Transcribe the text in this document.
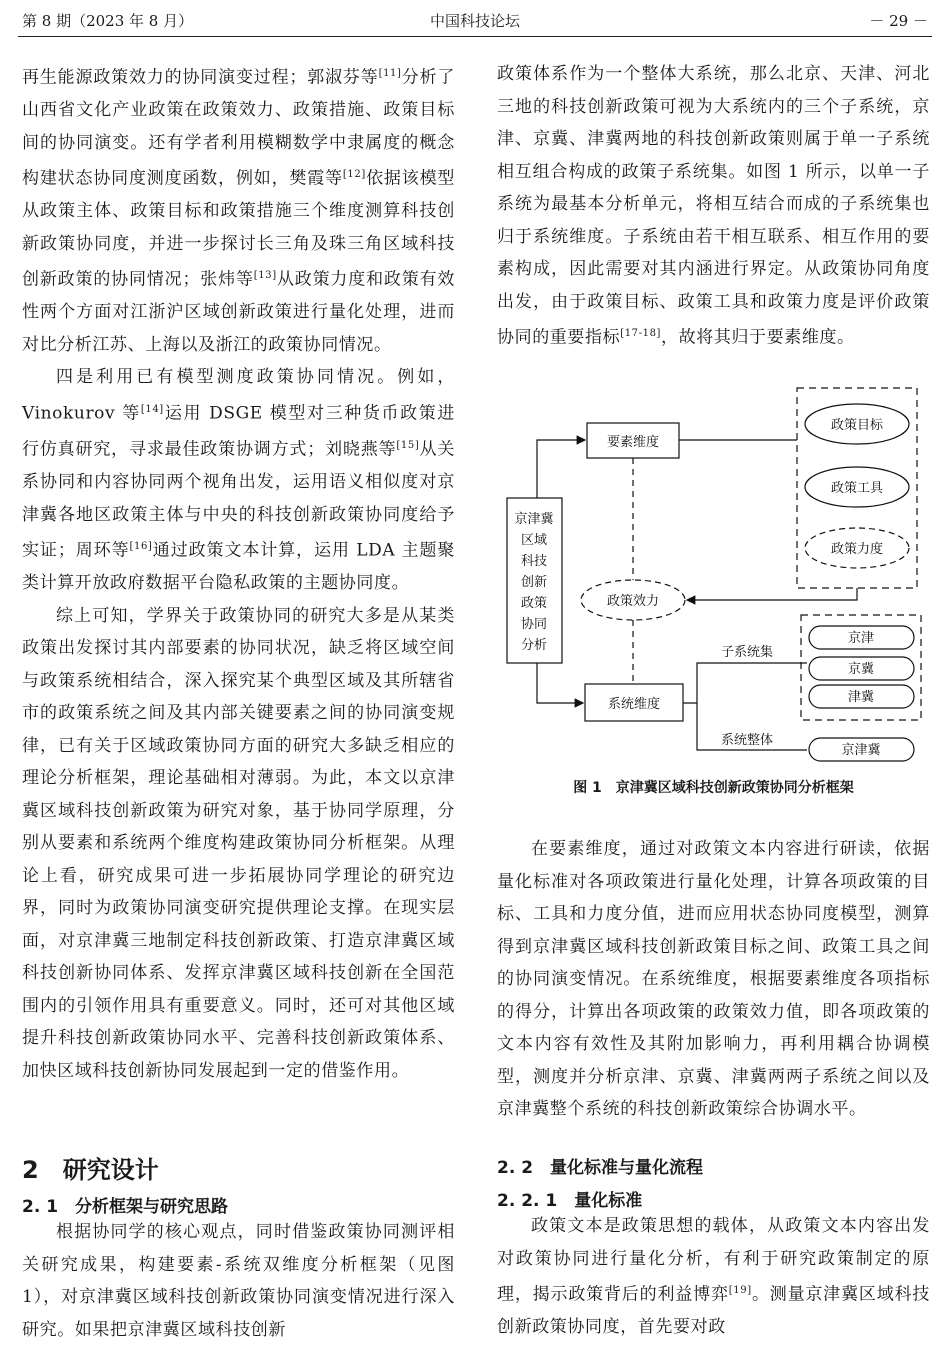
第 8 期（2023 年 8 月）	中国科技论坛	－ 29 －

再生能源政策效力的协同演变过程；郭淑芬等[11]分析了山西省文化产业政策在政策效力、政策措施、政策目标间的协同演变。还有学者利用模糊数学中隶属度的概念构建状态协同度测度函数，例如，樊霞等[12]依据该模型从政策主体、政策目标和政策措施三个维度测算科技创新政策协同度，并进一步探讨长三角及珠三角区域科技创新政策的协同情况；张炜等[13]从政策力度和政策有效性两个方面对江浙沪区域创新政策进行量化处理，进而对比分析江苏、上海以及浙江的政策协同情况。

四是利用已有模型测度政策协同情况。例如，Vinokurov 等[14]运用 DSGE 模型对三种货币政策进行仿真研究，寻求最佳政策协调方式；刘晓燕等[15]从关系协同和内容协同两个视角出发，运用语义相似度对京津冀各地区政策主体与中央的科技创新政策协同度给予实证；周环等[16]通过政策文本计算，运用 LDA 主题聚类计算开放政府数据平台隐私政策的主题协同度。

综上可知，学界关于政策协同的研究大多是从某类政策出发探讨其内部要素的协同状况，缺乏将区域空间与政策系统相结合，深入探究某个典型区域及其所辖省市的政策系统之间及其内部关键要素之间的协同演变规律，已有关于区域政策协同方面的研究大多缺乏相应的理论分析框架，理论基础相对薄弱。为此，本文以京津冀区域科技创新政策为研究对象，基于协同学原理，分别从要素和系统两个维度构建政策协同分析框架。从理论上看，研究成果可进一步拓展协同学理论的研究边界，同时为政策协同演变研究提供理论支撑。在现实层面，对京津冀三地制定科技创新政策、打造京津冀区域科技创新协同体系、发挥京津冀区域科技创新在全国范围内的引领作用具有重要意义。同时，还可对其他区域提升科技创新政策协同水平、完善科技创新政策体系、加快区域科技创新协同发展起到一定的借鉴作用。

2　研究设计
2. 1　分析框架与研究思路

根据协同学的核心观点，同时借鉴政策协同测评相关研究成果，构建要素-系统双维度分析框架（见图 1），对京津冀区域科技创新政策协同演变情况进行深入研究。如果把京津冀区域科技创新

政策体系作为一个整体大系统，那么北京、天津、河北三地的科技创新政策可视为大系统内的三个子系统，京津、京冀、津冀两地的科技创新政策则属于单一子系统相互组合构成的政策子系统集。如图 1 所示，以单一子系统为最基本分析单元，将相互结合而成的子系统集也归于系统维度。子系统由若干相互联系、相互作用的要素构成，因此需要对其内涵进行界定。从政策协同角度出发，由于政策目标、政策工具和政策力度是评价政策协同的重要指标[17-18]，故将其归于要素维度。

京津冀
区域
科技
创新
政策
协同
分析
要素维度
政策目标
政策工具
政策力度
政策效力
系统维度
子系统集
系统整体
京津
京冀
津冀
京津冀
图 1　京津冀区域科技创新政策协同分析框架

在要素维度，通过对政策文本内容进行研读，依据量化标准对各项政策进行量化处理，计算各项政策的目标、工具和力度分值，进而应用状态协同度模型，测算得到京津冀区域科技创新政策目标之间、政策工具之间的协同演变情况。在系统维度，根据要素维度各项指标的得分，计算出各项政策的政策效力值，即各项政策的文本内容有效性及其附加影响力，再利用耦合协调模型，测度并分析京津、京冀、津冀两两子系统之间以及京津冀整个系统的科技创新政策综合协调水平。

2. 2　量化标准与量化流程
2. 2. 1　量化标准

政策文本是政策思想的载体，从政策文本内容出发对政策协同进行量化分析，有利于研究政策制定的原理，揭示政策背后的利益博弈[19]。测量京津冀区域科技创新政策协同度，首先要对政
